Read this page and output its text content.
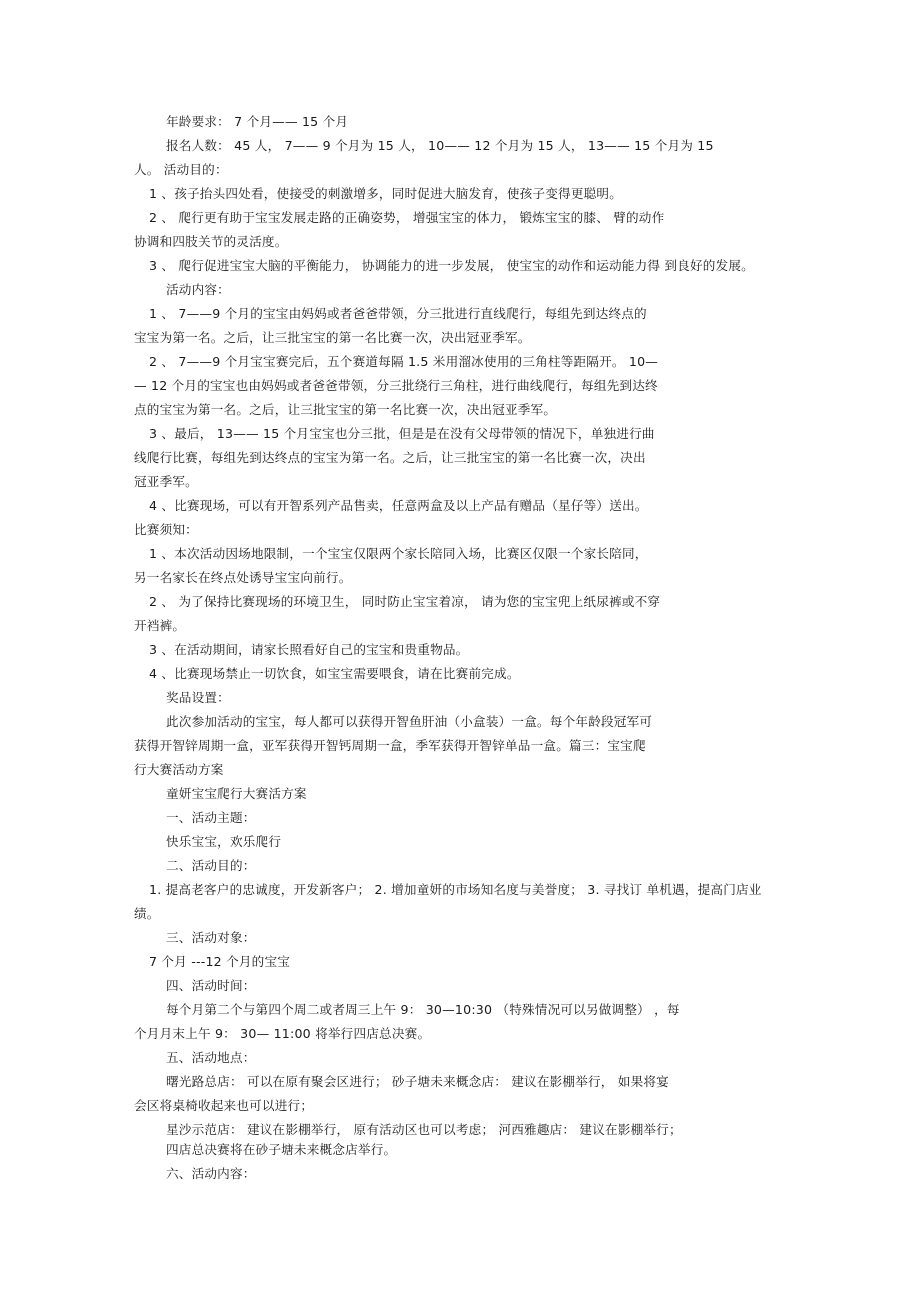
年龄要求： 7 个月—— 15 个月
报名人数： 45 人， 7—— 9 个月为 15 人， 10—— 12 个月为 15 人， 13—— 15 个月为 15
人。 活动目的：
1 、孩子抬头四处看，使接受的刺激增多，同时促进大脑发育，使孩子变得更聪明。
2 、 爬行更有助于宝宝发展走路的正确姿势， 增强宝宝的体力， 锻炼宝宝的膝、 臂的动作
协调和四肢关节的灵活度。
3 、 爬行促进宝宝大脑的平衡能力， 协调能力的进一步发展， 使宝宝的动作和运动能力得 到良好的发展。
活动内容：
1 、 7——9 个月的宝宝由妈妈或者爸爸带领，分三批进行直线爬行，每组先到达终点的
宝宝为第一名。之后，让三批宝宝的第一名比赛一次，决出冠亚季军。
2 、 7——9 个月宝宝赛完后，五个赛道每隔 1.5 米用溜冰使用的三角柱等距隔开。 10—
— 12 个月的宝宝也由妈妈或者爸爸带领，分三批绕行三角柱，进行曲线爬行，每组先到达终
点的宝宝为第一名。之后，让三批宝宝的第一名比赛一次，决出冠亚季军。
3 、最后， 13—— 15 个月宝宝也分三批，但是是在没有父母带领的情况下，单独进行曲
线爬行比赛，每组先到达终点的宝宝为第一名。之后，让三批宝宝的第一名比赛一次，决出
冠亚季军。
4 、比赛现场，可以有开智系列产品售卖，任意两盒及以上产品有赠品（星仔等）送出。
比赛须知：
1 、本次活动因场地限制，一个宝宝仅限两个家长陪同入场，比赛区仅限一个家长陪同，
另一名家长在终点处诱导宝宝向前行。
2 、 为了保持比赛现场的环境卫生， 同时防止宝宝着凉， 请为您的宝宝兜上纸尿裤或不穿
开裆裤。
3 、在活动期间，请家长照看好自己的宝宝和贵重物品。
4 、比赛现场禁止一切饮食，如宝宝需要喂食，请在比赛前完成。
奖品设置：
此次参加活动的宝宝，每人都可以获得开智鱼肝油（小盒装）一盒。每个年龄段冠军可
获得开智锌周期一盒，亚军获得开智钙周期一盒，季军获得开智锌单品一盒。篇三：宝宝爬
行大赛活动方案
童妍宝宝爬行大赛活方案
一、活动主题：
快乐宝宝，欢乐爬行
二、活动目的：
1. 提高老客户的忠诚度，开发新客户； 2. 增加童妍的市场知名度与美誉度； 3. 寻找订 单机遇，提高门店业
绩。
三、活动对象：
7 个月 ---12 个月的宝宝
四、活动时间：
每个月第二个与第四个周二或者周三上午 9： 30—10:30 （特殊情况可以另做调整） ，每
个月月末上午 9： 30— 11:00 将举行四店总决赛。
五、活动地点：
曙光路总店： 可以在原有聚会区进行； 砂子塘未来概念店： 建议在影棚举行， 如果将宴
会区将桌椅收起来也可以进行；
星沙示范店： 建议在影棚举行， 原有活动区也可以考虑； 河西雅趣店： 建议在影棚举行；
四店总决赛将在砂子塘未来概念店举行。
六、活动内容：
